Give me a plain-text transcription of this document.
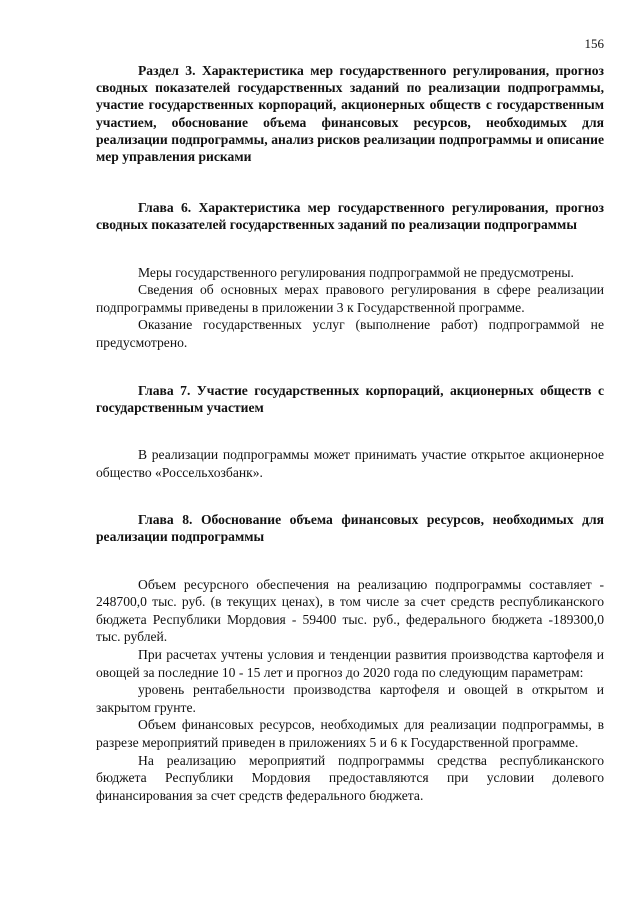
156

Раздел 3. Характеристика мер государственного регулирования, прогноз сводных показателей государственных заданий по реализации подпрограммы, участие государственных корпораций, акционерных обществ с государственным участием, обоснование объема финансовых ресурсов, необходимых для реализации подпрограммы, анализ рисков реализации подпрограммы и описание мер управления рисками

Глава 6. Характеристика мер государственного регулирования, прогноз сводных показателей государственных заданий по реализации подпрограммы

Меры государственного регулирования подпрограммой не предусмотрены.

Сведения об основных мерах правового регулирования в сфере реализации подпрограммы приведены в приложении 3 к Государственной программе.

Оказание государственных услуг (выполнение работ) подпрограммой не предусмотрено.

Глава 7. Участие государственных корпораций, акционерных обществ с государственным участием

В реализации подпрограммы может принимать участие открытое акционерное общество «Россельхозбанк».

Глава 8. Обоснование объема финансовых ресурсов, необходимых для реализации подпрограммы

Объем ресурсного обеспечения на реализацию подпрограммы составляет - 248700,0 тыс. руб. (в текущих ценах), в том числе за счет средств республиканского бюджета Республики Мордовия - 59400 тыс. руб., федерального бюджета -189300,0 тыс. рублей.

При расчетах учтены условия и тенденции развития производства картофеля и овощей за последние 10 - 15 лет и прогноз до 2020 года по следующим параметрам:

уровень рентабельности производства картофеля и овощей в открытом и закрытом грунте.

Объем финансовых ресурсов, необходимых для реализации подпрограммы, в разрезе мероприятий приведен в приложениях 5 и 6 к Государственной программе.

На реализацию мероприятий подпрограммы средства республиканского бюджета Республики Мордовия предоставляются при условии долевого финансирования за счет средств федерального бюджета.
